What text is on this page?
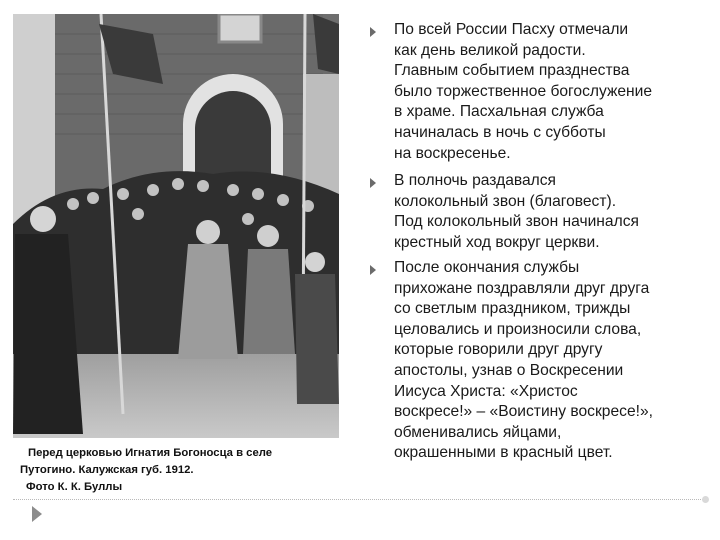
Перед церковью Игнатия Богоносца в селе
Путогино. Калужская губ. 1912.
Фото К. К. Буллы
По всей России Пасху отмечали
как день великой радости.
Главным событием празднества
было торжественное богослужение
в храме. Пасхальная служба
начиналась в ночь с субботы
на воскресенье.
В полночь раздавался
колокольный звон (благовест).
Под колокольный звон начинался
крестный ход вокруг церкви.
После окончания службы
прихожане поздравляли друг друга
со светлым праздником, трижды
целовались и произносили слова,
которые говорили друг другу
апостолы, узнав о Воскресении
Иисуса Христа: «Христос
воскресе!» – «Воистину воскресе!»,
обменивались яйцами,
окрашенными в красный цвет.
